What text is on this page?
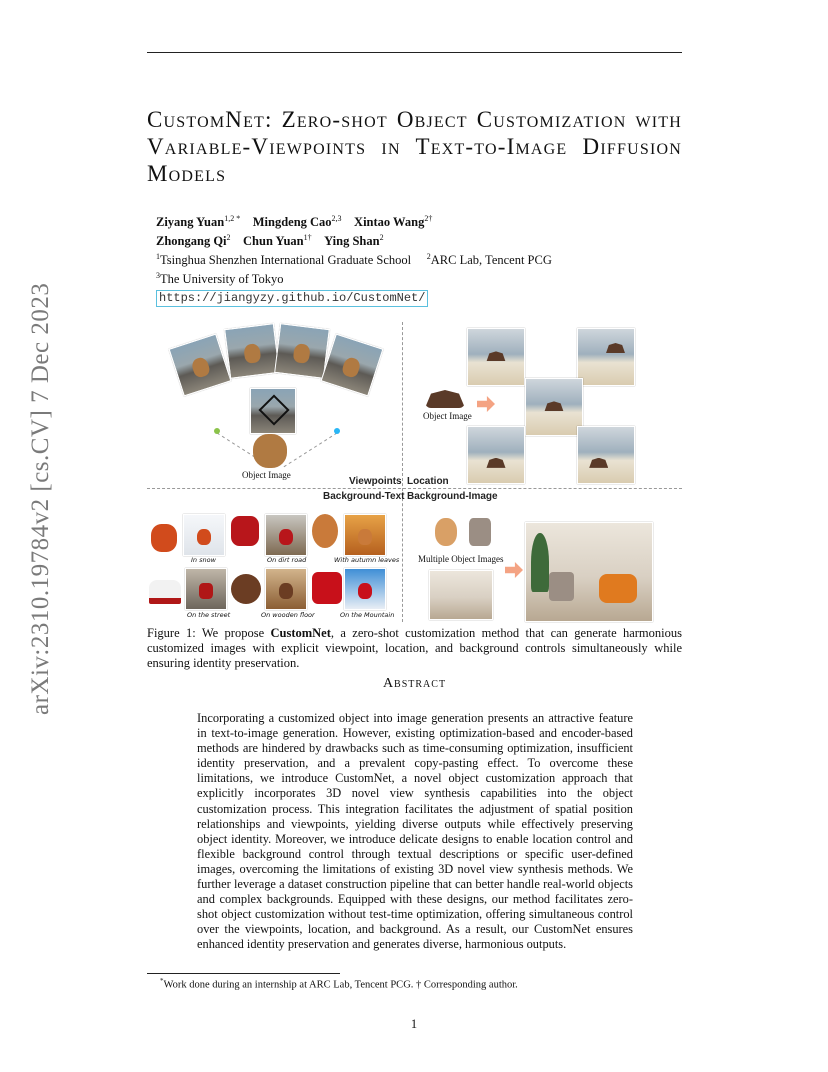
arXiv:2310.19784v2 [cs.CV] 7 Dec 2023
CustomNet: Zero-shot Object Customization with Variable-Viewpoints in Text-to-Image Diffusion Models
Ziyang Yuan$^{1,2 *}$ Mingdeng Cao$^{2,3}$ Xintao Wang$^{2\dagger}$
Zhongang Qi$^2$ Chun Yuan$^{1\dagger}$ Ying Shan$^2$
$^1$Tsinghua Shenzhen International Graduate School $^2$ARC Lab, Tencent PCG
$^3$The University of Tokyo
https://jiangyzy.github.io/CustomNet/
Object Image
Viewpoints
Object Image
Location
Background-Text Background-Image
In snow	On dirt road	With autumn leaves
On the street	On wooden floor	On the Mountain
Multiple Object Images
Figure 1: We propose CustomNet, a zero-shot customization method that can generate harmonious customized images with explicit viewpoint, location, and background controls simultaneously while ensuring identity preservation.
Abstract
Incorporating a customized object into image generation presents an attractive feature in text-to-image generation. However, existing optimization-based and encoder-based methods are hindered by drawbacks such as time-consuming optimization, insufficient identity preservation, and a prevalent copy-pasting effect. To overcome these limitations, we introduce CustomNet, a novel object customization approach that explicitly incorporates 3D novel view synthesis capabilities into the object customization process. This integration facilitates the adjustment of spatial position relationships and viewpoints, yielding diverse outputs while effectively preserving object identity. Moreover, we introduce delicate designs to enable location control and flexible background control through textual descriptions or specific user-defined images, overcoming the limitations of existing 3D novel view synthesis methods. We further leverage a dataset construction pipeline that can better handle real-world objects and complex backgrounds. Equipped with these designs, our method facilitates zero-shot object customization without test-time optimization, offering simultaneous control over the viewpoints, location, and background. As a result, our CustomNet ensures enhanced identity preservation and generates diverse, harmonious outputs.
*Work done during an internship at ARC Lab, Tencent PCG. † Corresponding author.
1
